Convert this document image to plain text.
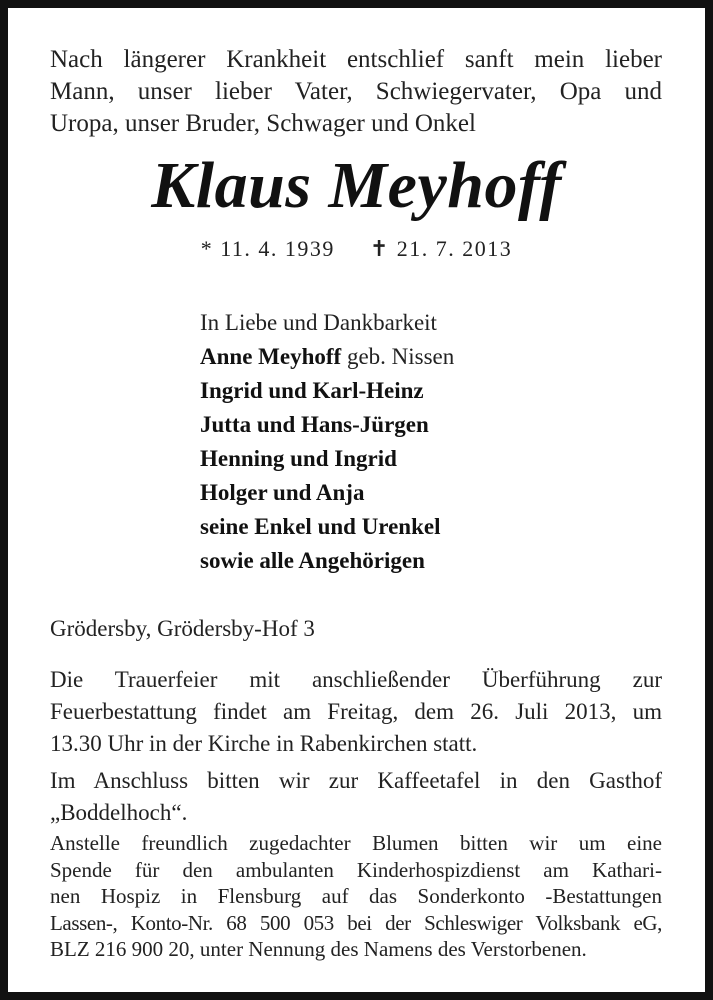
Nach längerer Krankheit entschlief sanft mein lieber
Mann, unser lieber Vater, Schwiegervater, Opa und
Uropa, unser Bruder, Schwager und Onkel
Klaus Meyhoff
* 11. 4. 1939 ✝ 21. 7. 2013
In Liebe und Dankbarkeit
Anne Meyhoff geb. Nissen
Ingrid und Karl-Heinz
Jutta und Hans-Jürgen
Henning und Ingrid
Holger und Anja
seine Enkel und Urenkel
sowie alle Angehörigen
Grödersby, Grödersby-Hof 3
Die Trauerfeier mit anschließender Überführung zur
Feuerbestattung findet am Freitag, dem 26. Juli 2013, um
13.30 Uhr in der Kirche in Rabenkirchen statt.
Im Anschluss bitten wir zur Kaffeetafel in den Gasthof
„Boddelhoch“.
Anstelle freundlich zugedachter Blumen bitten wir um eine
Spende für den ambulanten Kinderhospizdienst am Kathari-
nen Hospiz in Flensburg auf das Sonderkonto -Bestattungen
Lassen-, Konto-Nr. 68 500 053 bei der Schleswiger Volksbank eG,
BLZ 216 900 20, unter Nennung des Namens des Verstorbenen.
